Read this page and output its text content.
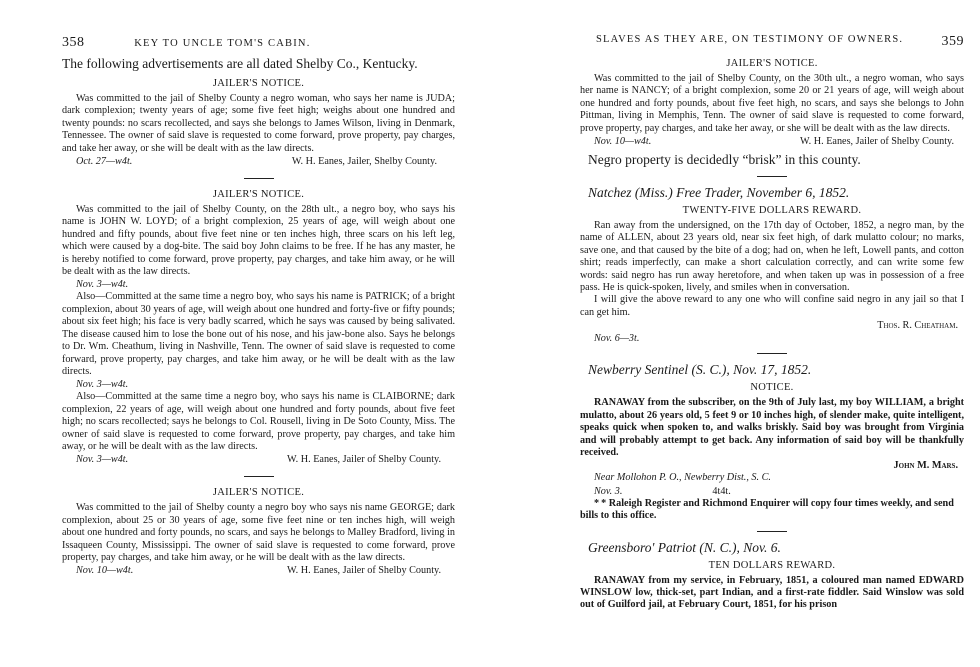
358	KEY TO UNCLE TOM'S CABIN.

The following advertisements are all dated Shelby Co., Kentucky.

JAILER'S NOTICE.

Was committed to the jail of Shelby County a negro woman, who says her name is JUDA; dark complexion; twenty years of age; some five feet high; weighs about one hundred and twenty pounds: no scars recollected, and says she belongs to James Wilson, living in Denmark, Tennessee. The owner of said slave is requested to come forward, prove property, pay charges, and take her away, or she will be dealt with as the law directs.

Oct. 27—w4t.	W. H. Eanes, Jailer, Shelby County.

JAILER'S NOTICE.

Was committed to the jail of Shelby County, on the 28th ult., a negro boy, who says his name is JOHN W. LOYD; of a bright complexion, 25 years of age, will weigh about one hundred and fifty pounds, about five feet nine or ten inches high, three scars on his left leg, which were caused by a dog-bite. The said boy John claims to be free. If he has any master, he is hereby notified to come forward, prove property, pay charges, and take him away, or he will be dealt with as the law directs.

Nov. 3—w4t.

Also—Committed at the same time a negro boy, who says his name is PATRICK; of a bright complexion, about 30 years of age, will weigh about one hundred and forty-five or fifty pounds; about six feet high; his face is very badly scarred, which he says was caused by being salivated. The disease caused him to lose the bone out of his nose, and his jaw-bone also. Says he belongs to Dr. Wm. Cheathum, living in Nashville, Tenn. The owner of said slave is requested to come forward, prove property, pay charges, and take him away, or he will be dealt with as the law directs.

Nov. 3—w4t.

Also—Committed at the same time a negro boy, who says his name is CLAIBORNE; dark complexion, 22 years of age, will weigh about one hundred and forty pounds, about five feet high; no scars recollected; says he belongs to Col. Rousell, living in De Soto County, Miss. The owner of said slave is requested to come forward, prove property, pay charges, and take him away, or he will be dealt with as the law directs.

Nov. 3—w4t.	W. H. Eanes, Jailer of Shelby County.

JAILER'S NOTICE.

Was committed to the jail of Shelby county a negro boy who says nis name GEORGE; dark complexion, about 25 or 30 years of age, some five feet nine or ten inches high, will weigh about one hundred and forty pounds, no scars, and says he belongs to Malley Bradford, living in Issaqueen County, Mississippi. The owner of said slave is requested to come forward, prove property, pay charges, and take him away, or he will be dealt with as the law directs.

Nov. 10—w4t.	W. H. Eanes, Jailer of Shelby County.
SLAVES AS THEY ARE, ON TESTIMONY OF OWNERS.	359

JAILER'S NOTICE.

Was committed to the jail of Shelby County, on the 30th ult., a negro woman, who says her name is NANCY; of a bright complexion, some 20 or 21 years of age, will weigh about one hundred and forty pounds, about five feet high, no scars, and says she belongs to John Pittman, living in Memphis, Tenn. The owner of said slave is requested to come forward, prove property, pay charges, and take her away, or she will be dealt with as the law directs.

Nov. 10—w4t.	W. H. Eanes, Jailer of Shelby County.

Negro property is decidedly “brisk” in this county.

Natchez (Miss.) Free Trader, November 6, 1852.

TWENTY-FIVE DOLLARS REWARD.

Ran away from the undersigned, on the 17th day of October, 1852, a negro man, by the name of ALLEN, about 23 years old, near six feet high, of dark mulatto colour; no marks, save one, and that caused by the bite of a dog; had on, when he left, Lowell pants, and cotton shirt; reads imperfectly, can make a short calculation correctly, and can write some few words: said negro has run away heretofore, and when taken up was in possession of a free pass. He is quick-spoken, lively, and smiles when in conversation.

I will give the above reward to any one who will confine said negro in any jail so that I can get him.

Thos. R. Cheatham.
Nov. 6—3t.

Newberry Sentinel (S. C.), Nov. 17, 1852.

NOTICE.

RANAWAY from the subscriber, on the 9th of July last, my boy WILLIAM, a bright mulatto, about 26 years old, 5 feet 9 or 10 inches high, of slender make, quite intelligent, speaks quick when spoken to, and walks briskly. Said boy was brought from Virginia and will probably attempt to get back. Any information of said boy will be thankfully received.

John M. Mars.

Near Mollohon P. O., Newberry Dist., S. C.

Nov. 3.	4t4t.

* * Raleigh Register and Richmond Enquirer will copy four times weekly, and send bills to this office.

Greensboro' Patriot (N. C.), Nov. 6.

TEN DOLLARS REWARD.

RANAWAY from my service, in February, 1851, a coloured man named EDWARD WINSLOW low, thick-set, part Indian, and a first-rate fiddler. Said Winslow was sold out of Guilford jail, at February Court, 1851, for his prison
